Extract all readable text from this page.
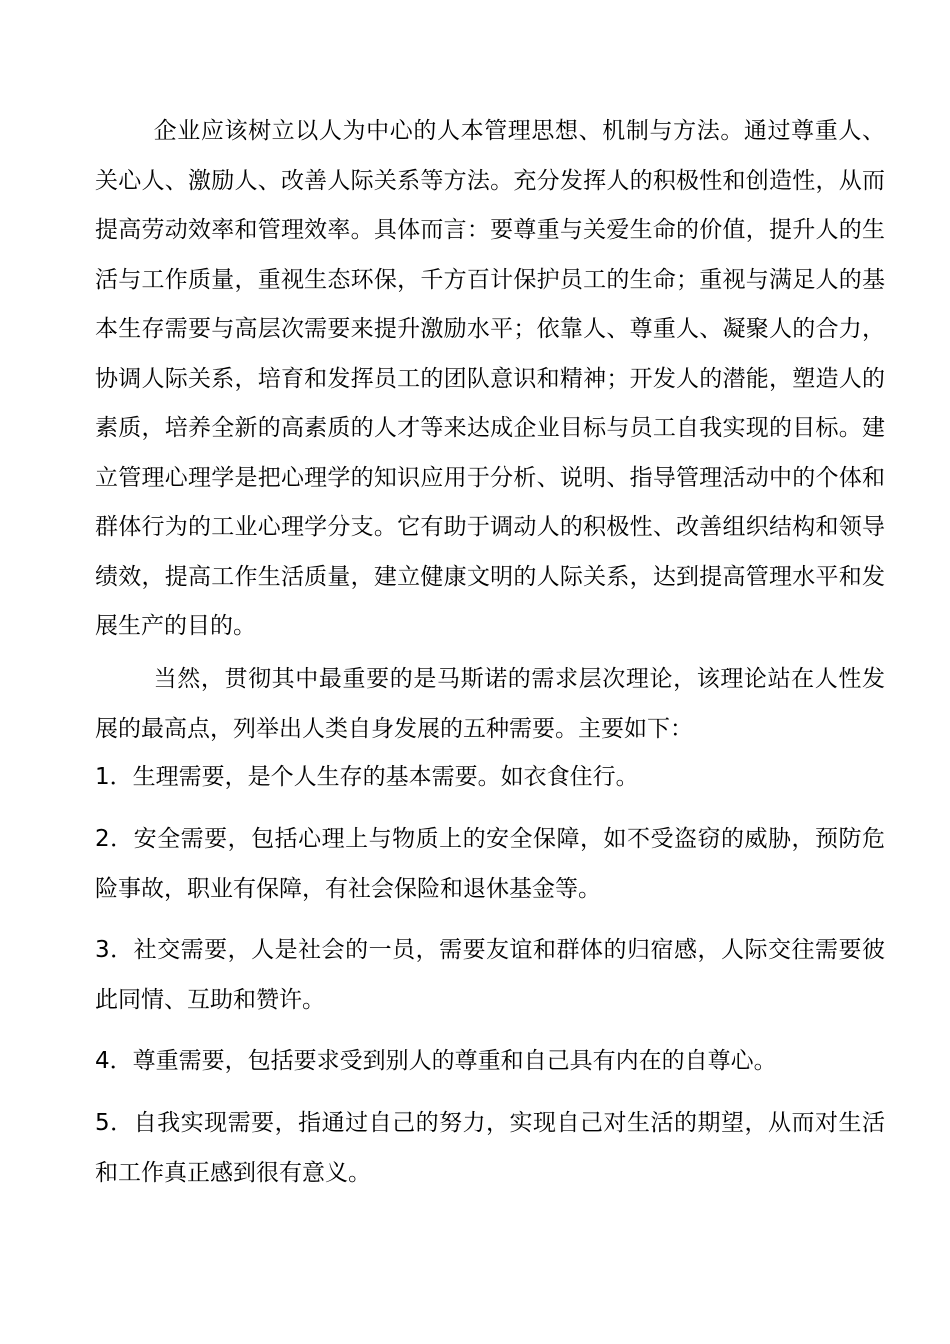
企业应该树立以人为中心的人本管理思想、机制与方法。通过尊重人、关心人、激励人、改善人际关系等方法。充分发挥人的积极性和创造性，从而提高劳动效率和管理效率。具体而言：要尊重与关爱生命的价值，提升人的生活与工作质量，重视生态环保，千方百计保护员工的生命；重视与满足人的基本生存需要与高层次需要来提升激励水平；依靠人、尊重人、凝聚人的合力，协调人际关系，培育和发挥员工的团队意识和精神；开发人的潜能，塑造人的素质，培养全新的高素质的人才等来达成企业目标与员工自我实现的目标。建立管理心理学是把心理学的知识应用于分析、说明、指导管理活动中的个体和群体行为的工业心理学分支。它有助于调动人的积极性、改善组织结构和领导绩效，提高工作生活质量，建立健康文明的人际关系，达到提高管理水平和发展生产的目的。

当然，贯彻其中最重要的是马斯诺的需求层次理论，该理论站在人性发展的最高点，列举出人类自身发展的五种需要。主要如下：

1．生理需要，是个人生存的基本需要。如衣食住行。

2．安全需要，包括心理上与物质上的安全保障，如不受盗窃的威胁，预防危险事故，职业有保障，有社会保险和退休基金等。

3．社交需要，人是社会的一员，需要友谊和群体的归宿感，人际交往需要彼此同情、互助和赞许。

4．尊重需要，包括要求受到别人的尊重和自己具有内在的自尊心。

5．自我实现需要，指通过自己的努力，实现自己对生活的期望，从而对生活和工作真正感到很有意义。
